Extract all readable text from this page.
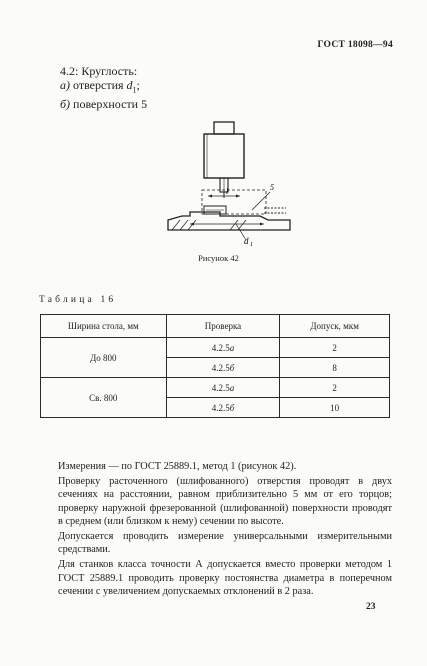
ГОСТ 18098—94
4.2: Круглость:
а) отверстия $d_1$;
б) поверхности 5
l	5
d 1
Рисунок 42
Таблица 16
Ширина стола, мм	Проверка	Допуск, мкм
До 800	4.2.5а	2
	4.2.5б	8
Св. 800	4.2.5а	2
	4.2.5б	10

Измерения — по ГОСТ 25889.1, метод 1 (рисунок 42).

Проверку расточенного (шлифованного) отверстия проводят в двух сечениях на расстоянии, равном приблизительно 5 мм от его торцов; проверку наружной фрезерованной (шлифованной) поверхности проводят в среднем (или близком к нему) сечении по высоте.

Допускается проводить измерение универсальными измерительными средствами.

Для станков класса точности А допускается вместо проверки методом 1 ГОСТ 25889.1 проводить проверку постоянства диаметра в поперечном сечении с увеличением допускаемых отклонений в 2 раза.

23
